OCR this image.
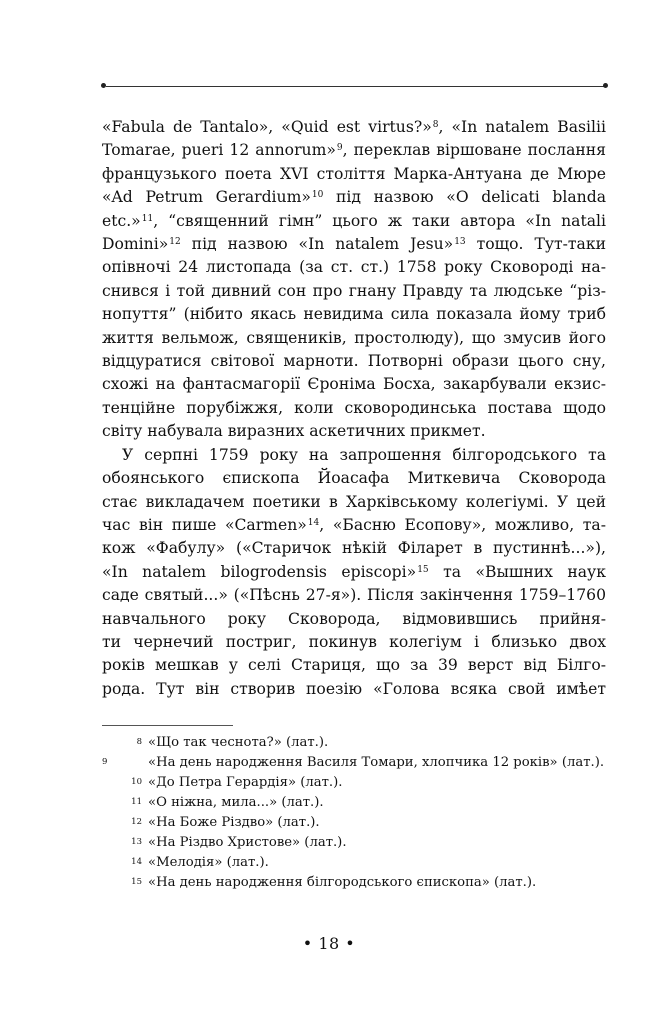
«Fabula de Tantalo», «Quid est virtus?»$^8$, «In natalem Basilii

Tomarae, pueri 12 annorum»$^9$, переклав віршоване послання

французького поета XVI століття Марка-Антуана де Мюре

«Ad Petrum Gerardium»$^{10}$ під назвою «O delicati blanda

etc.»$^{11}$, “священний гімн” цього ж таки автора «In natali

Domini»$^{12}$ під назвою «In natalem Jesu»$^{13}$ тощо. Тут-таки

опівночі 24 листопада (за ст. ст.) 1758 року Сковороді на-

снився і той дивний сон про гнану Правду та людське “різ-

нопуття” (нібито якась невидима сила показала йому триб

життя вельмож, священиків, простолюду), що змусив його

відцуратися світової марноти. Потворні образи цього сну,

схожі на фантасмагорії Єроніма Босха, закарбували екзис-

тенційне порубіжжя, коли сковородинська постава щодо

світу набувала виразних аскетичних прикмет.

У серпні 1759 року на запрошення білгородського та

обоянського єпископа Йоасафа Миткевича Сковорода

стає викладачем поетики в Харківському колегіумі. У цей

час він пише «Carmen»$^{14}$, «Басню Есопову», можливо, та-

кож «Фабулу» («Старичок нѣкій Філарет в пустиннѣ...»),

«In natalem bilogrodensis episcopi»$^{15}$ та «Вышних наук

саде святый...» («Пѣснь 27-я»). Після закінчення 1759–1760

навчального року Сковорода, відмовившись прийня-

ти чернечий постриг, покинув колегіум і близько двох

років мешкав у селі Стариця, що за 39 верст від Білго-

рода. Тут він створив поезію «Голова всяка свой имѣет

8 «Що так чеснота?» (лат.).

9	«На день народження Василя Томари, хлопчика 12 років» (лат.).

10 «До Петра Герардія» (лат.).

11 «О ніжна, мила...» (лат.).

12 «На Боже Різдво» (лат.).

13 «На Різдво Христове» (лат.).

14 «Мелодія» (лат.).

15 «На день народження білгородського єпископа» (лат.).

• 18 •
